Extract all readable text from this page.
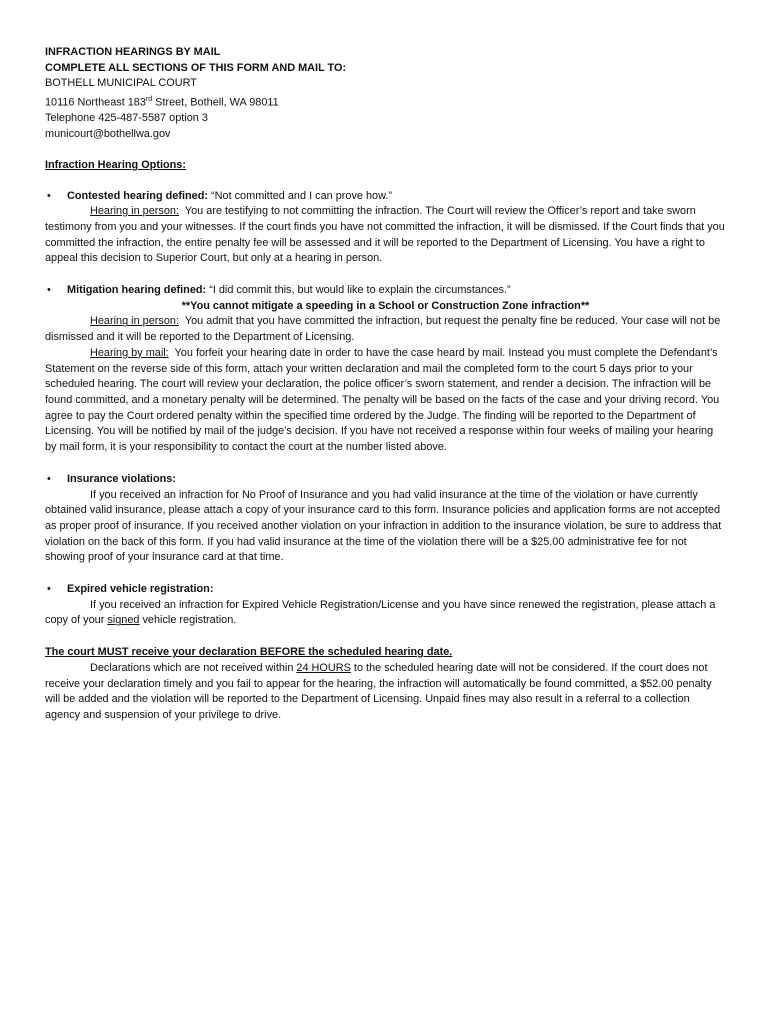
INFRACTION HEARINGS BY MAIL
COMPLETE ALL SECTIONS OF THIS FORM AND MAIL TO:
BOTHELL MUNICIPAL COURT
10116 Northeast 183rd Street, Bothell, WA 98011
Telephone 425-487-5587 option 3
municourt@bothellwa.gov
Infraction Hearing Options:
• Contested hearing defined: “Not committed and I can prove how.”
Hearing in person: You are testifying to not committing the infraction. The Court will review the Officer’s report and take sworn testimony from you and your witnesses. If the court finds you have not committed the infraction, it will be dismissed. If the Court finds that you committed the infraction, the entire penalty fee will be assessed and it will be reported to the Department of Licensing. You have a right to appeal this decision to Superior Court, but only at a hearing in person.
• Mitigation hearing defined: “I did commit this, but would like to explain the circumstances.”
**You cannot mitigate a speeding in a School or Construction Zone infraction**
Hearing in person: You admit that you have committed the infraction, but request the penalty fine be reduced. Your case will not be dismissed and it will be reported to the Department of Licensing.
Hearing by mail: You forfeit your hearing date in order to have the case heard by mail. Instead you must complete the Defendant’s Statement on the reverse side of this form, attach your written declaration and mail the completed form to the court 5 days prior to your scheduled hearing. The court will review your declaration, the police officer’s sworn statement, and render a decision. The infraction will be found committed, and a monetary penalty will be determined. The penalty will be based on the facts of the case and your driving record. You agree to pay the Court ordered penalty within the specified time ordered by the Judge. The finding will be reported to the Department of Licensing. You will be notified by mail of the judge’s decision. If you have not received a response within four weeks of mailing your hearing by mail form, it is your responsibility to contact the court at the number listed above.
• Insurance violations:
If you received an infraction for No Proof of Insurance and you had valid insurance at the time of the violation or have currently obtained valid insurance, please attach a copy of your insurance card to this form. Insurance policies and application forms are not accepted as proper proof of insurance. If you received another violation on your infraction in addition to the insurance violation, be sure to address that violation on the back of this form. If you had valid insurance at the time of the violation there will be a $25.00 administrative fee for not showing proof of your insurance card at that time.
• Expired vehicle registration:
If you received an infraction for Expired Vehicle Registration/License and you have since renewed the registration, please attach a copy of your signed vehicle registration.
The court MUST receive your declaration BEFORE the scheduled hearing date.
Declarations which are not received within 24 HOURS to the scheduled hearing date will not be considered. If the court does not receive your declaration timely and you fail to appear for the hearing, the infraction will automatically be found committed, a $52.00 penalty will be added and the violation will be reported to the Department of Licensing. Unpaid fines may also result in a referral to a collection agency and suspension of your privilege to drive.
